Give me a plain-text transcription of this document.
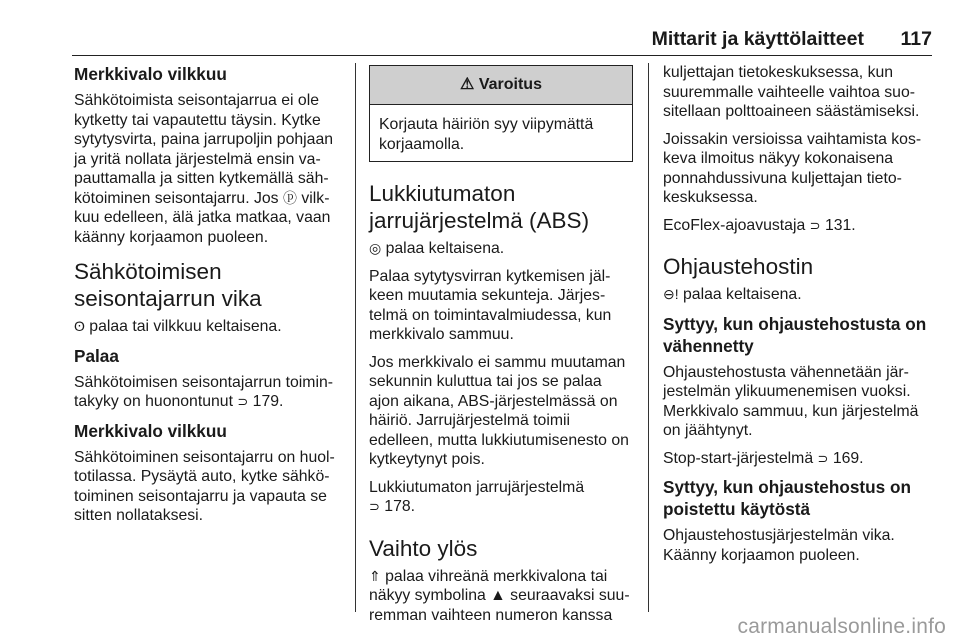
Mittarit ja käyttölaitteet 117
Merkkivalo vilkkuu

Sähkötoimista seisontajarrua ei ole kytketty tai vapautettu täysin. Kytke sytytysvirta, paina jarrupoljin pohjaan ja yritä nollata järjestelmä ensin vapauttamalla ja sitten kytkemällä sähkötoiminen seisontajarru. Jos ⓟ vilkkuu edelleen, älä jatka matkaa, vaan käänny korjaamon puoleen.

Sähkötoimisen seisontajarrun vika

ʘ palaa tai vilkkuu keltaisena.

Palaa

Sähkötoimisen seisontajarrun toimintakyky on huonontunut ⊃ 179.

Merkkivalo vilkkuu

Sähkötoiminen seisontajarru on huoltotilassa. Pysäytä auto, kytke sähkötoiminen seisontajarru ja vapauta se sitten nollataksesi.

⚠ Varoitus
Korjauta häiriön syy viipymättä korjaamolla.
Lukkiutumaton jarrujärjestelmä (ABS)

◎ palaa keltaisena.

Palaa sytytysvirran kytkemisen jälkeen muutamia sekunteja. Järjestelmä on toimintavalmiudessa, kun merkkivalo sammuu.

Jos merkkivalo ei sammu muutaman sekunnin kuluttua tai jos se palaa ajon aikana, ABS-järjestelmässä on häiriö. Jarrujärjestelmä toimii edelleen, mutta lukkiutumisenesto on kytkeytynyt pois.

Lukkiutumaton jarrujärjestelmä
⊃ 178.

Vaihto ylös

⇑ palaa vihreänä merkkivalona tai näkyy symbolina ▲ seuraavaksi suuremman vaihteen numeron kanssa

kuljettajan tietokeskuksessa, kun suuremmalle vaihteelle vaihtoa suositellaan polttoaineen säästämiseksi.

Joissakin versioissa vaihtamista koskeva ilmoitus näkyy kokonaisena ponnahdussivuna kuljettajan tietokeskuksessa.

EcoFlex-ajoavustaja ⊃ 131.

Ohjaustehostin

⊖! palaa keltaisena.

Syttyy, kun ohjaustehostusta on vähennetty

Ohjaustehostusta vähennetään järjestelmän ylikuumenemisen vuoksi. Merkkivalo sammuu, kun järjestelmä on jäähtynyt.

Stop-start-järjestelmä ⊃ 169.

Syttyy, kun ohjaustehostus on poistettu käytöstä

Ohjaustehostusjärjestelmän vika. Käänny korjaamon puoleen.

carmanualsonline.info
